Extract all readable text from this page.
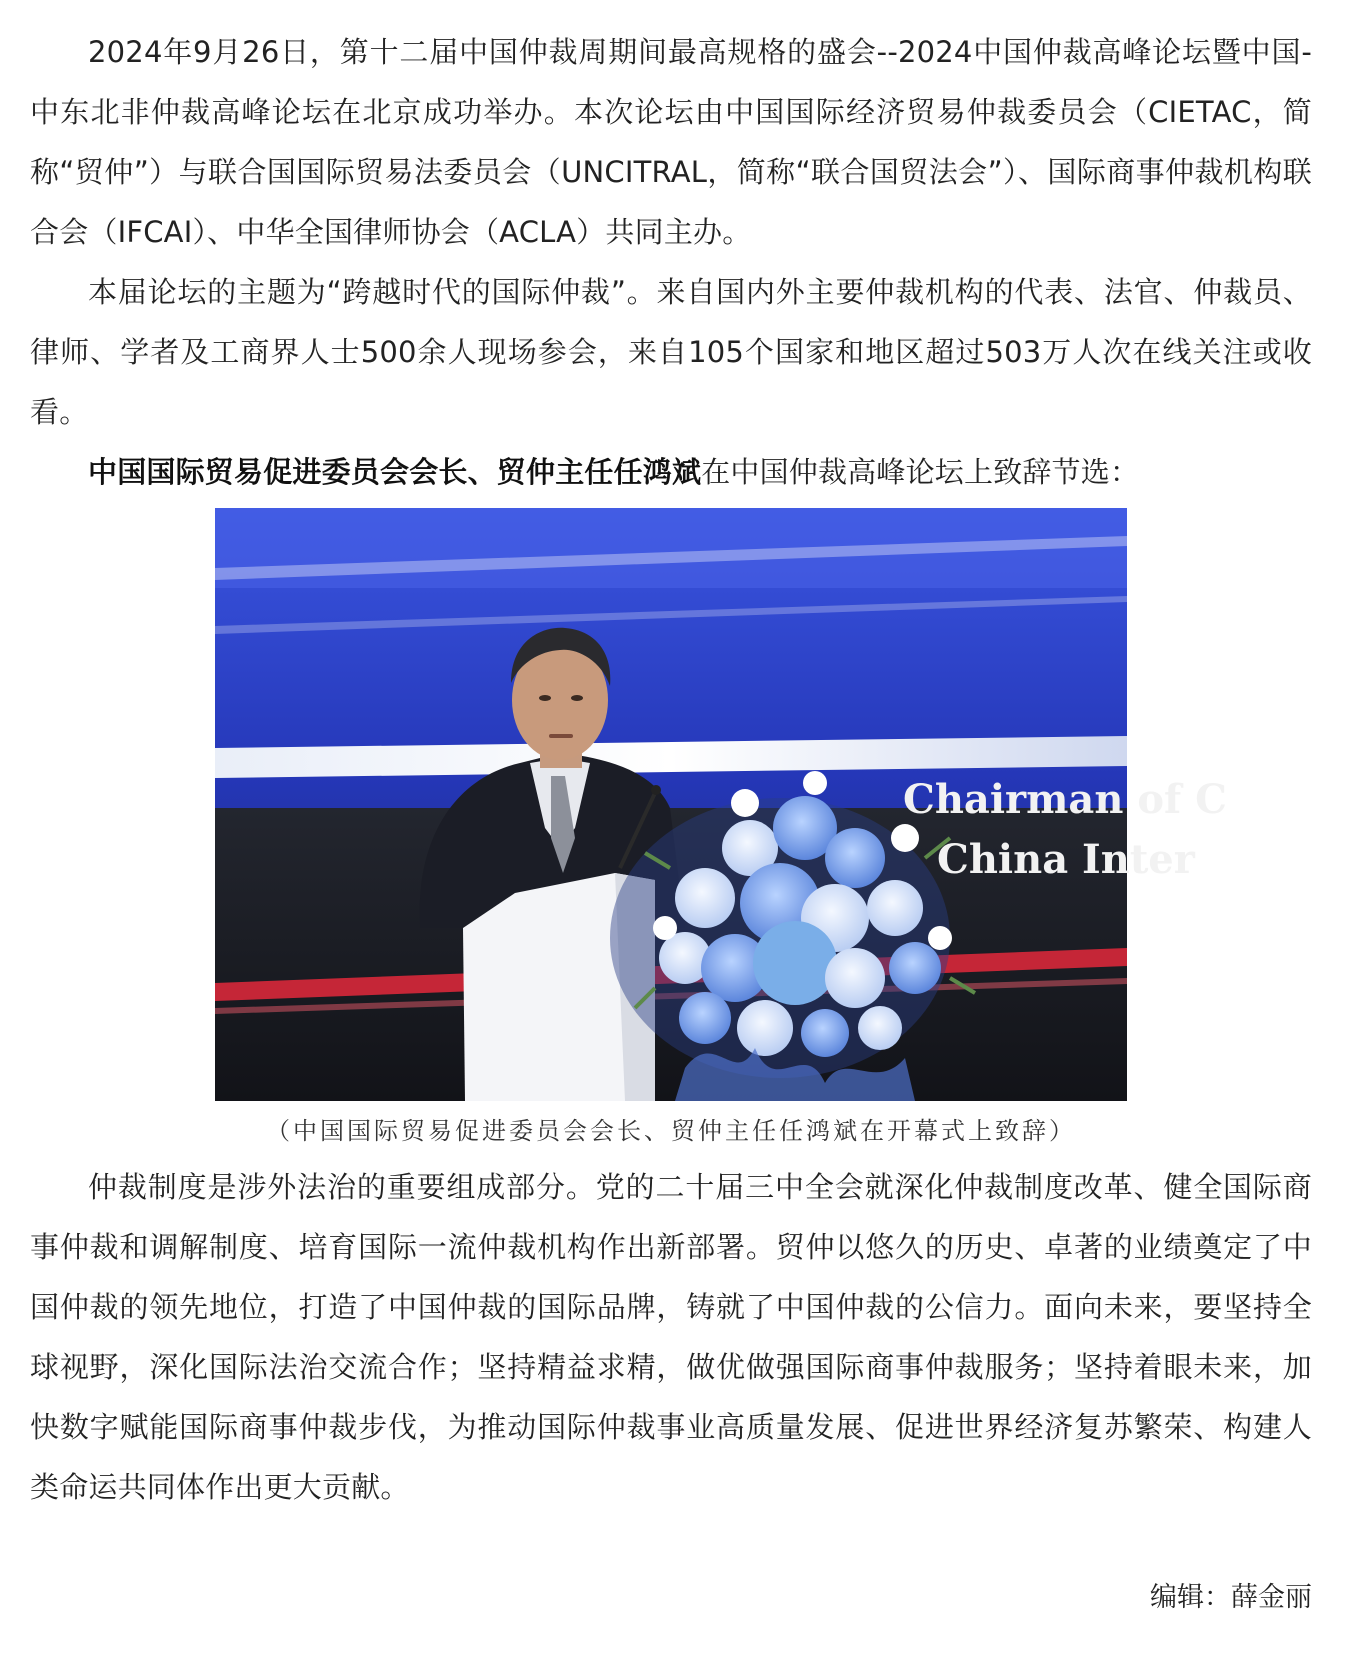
2024年9月26日，第十二届中国仲裁周期间最高规格的盛会--2024中国仲裁高峰论坛暨中国-中东北非仲裁高峰论坛在北京成功举办。本次论坛由中国国际经济贸易仲裁委员会（CIETAC，简称“贸仲”）与联合国国际贸易法委员会（UNCITRAL，简称“联合国贸法会”）、国际商事仲裁机构联合会（IFCAI）、中华全国律师协会（ACLA）共同主办。

本届论坛的主题为“跨越时代的国际仲裁”。来自国内外主要仲裁机构的代表、法官、仲裁员、律师、学者及工商界人士500余人现场参会，来自105个国家和地区超过503万人次在线关注或收看。

中国国际贸易促进委员会会长、贸仲主任任鸿斌在中国仲裁高峰论坛上致辞节选：

Chairman of C
China Inter
（中国国际贸易促进委员会会长、贸仲主任任鸿斌在开幕式上致辞）

仲裁制度是涉外法治的重要组成部分。党的二十届三中全会就深化仲裁制度改革、健全国际商事仲裁和调解制度、培育国际一流仲裁机构作出新部署。贸仲以悠久的历史、卓著的业绩奠定了中国仲裁的领先地位，打造了中国仲裁的国际品牌，铸就了中国仲裁的公信力。面向未来，要坚持全球视野，深化国际法治交流合作；坚持精益求精，做优做强国际商事仲裁服务；坚持着眼未来，加快数字赋能国际商事仲裁步伐，为推动国际仲裁事业高质量发展、促进世界经济复苏繁荣、构建人类命运共同体作出更大贡献。

编辑：薛金丽
